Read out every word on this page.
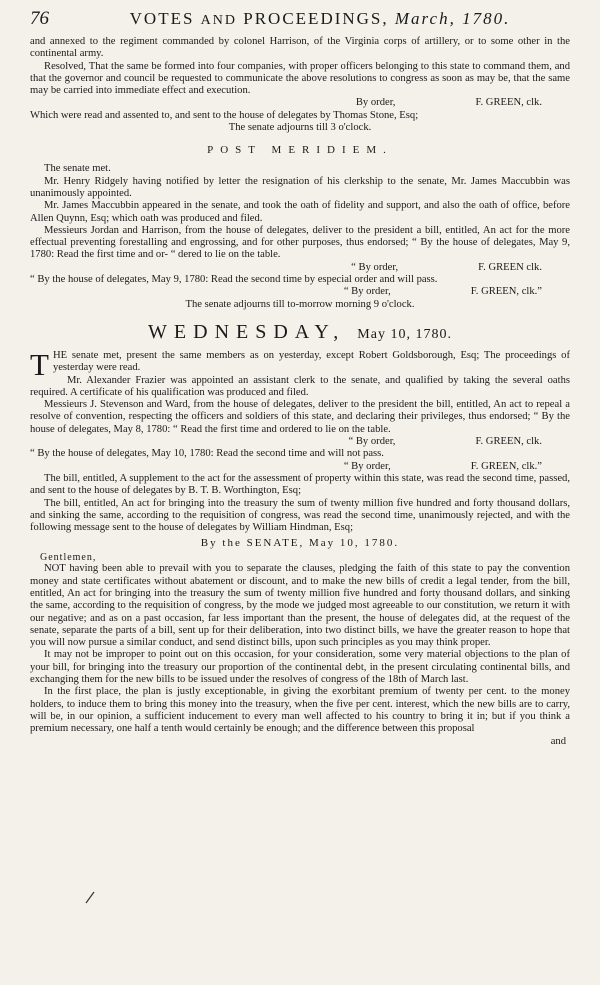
76	VOTES AND PROCEEDINGS, March, 1780.

and annexed to the regiment commanded by colonel Harrison, of the Virginia corps of artillery, or to some other in the continental army.

Resolved, That the same be formed into four companies, with proper officers belonging to this state to command them, and that the governor and council be requested to communicate the above resolutions to congress as soon as may be, that the same may be carried into immediate effect and execution.

By order,	F. GREEN, clk.

Which were read and assented to, and sent to the house of delegates by Thomas Stone, Esq;

The senate adjourns till 3 o'clock.
POST MERIDIEM.

The senate met.

Mr. Henry Ridgely having notified by letter the resignation of his clerkship to the senate, Mr. James Maccubbin was unanimously appointed.

Mr. James Maccubbin appeared in the senate, and took the oath of fidelity and support, and also the oath of office, before Allen Quynn, Esq; which oath was produced and filed.

Messieurs Jordan and Harrison, from the house of delegates, deliver to the president a bill, entitled, An act for the more effectual preventing forestalling and engrossing, and for other purposes, thus endorsed; “ By the house of delegates, May 9, 1780: Read the first time and or- “ dered to lie on the table.

“ By order,	F. GREEN clk.

“ By the house of delegates, May 9, 1780: Read the second time by especial order and will pass.

“ By order,	F. GREEN, clk.”
The senate adjourns till to-morrow morning 9 o'clock.
WEDNESDAY, May 10, 1780.

THE senate met, present the same members as on yesterday, except Robert Goldsborough, Esq; The proceedings of yesterday were read.

Mr. Alexander Frazier was appointed an assistant clerk to the senate, and qualified by taking the several oaths required. A certificate of his qualification was produced and filed.

Messieurs J. Stevenson and Ward, from the house of delegates, deliver to the president the bill, entitled, An act to repeal a resolve of convention, respecting the officers and soldiers of this state, and declaring their privileges, thus endorsed; “ By the house of delegates, May 8, 1780: “ Read the first time and ordered to lie on the table.

“ By order,	F. GREEN, clk.

“ By the house of delegates, May 10, 1780: Read the second time and will not pass.

“ By order,	F. GREEN, clk.”

The bill, entitled, A supplement to the act for the assessment of property within this state, was read the second time, passed, and sent to the house of delegates by B. T. B. Worthington, Esq;

The bill, entitled, An act for bringing into the treasury the sum of twenty million five hundred and forty thousand dollars, and sinking the same, according to the requisition of congress, was read the second time, unanimously rejected, and with the following message sent to the house of delegates by William Hindman, Esq;

By the SENATE, May 10, 1780.
Gentlemen,

NOT having been able to prevail with you to separate the clauses, pledging the faith of this state to pay the convention money and state certificates without abatement or discount, and to make the new bills of credit a legal tender, from the bill, entitled, An act for bringing into the treasury the sum of twenty million five hundred and forty thousand dollars, and sinking the same, according to the requisition of congress, by the mode we judged most agreeable to our constitution, we return it with our negative; and as on a past occasion, far less important than the present, the house of delegates did, at the request of the senate, separate the parts of a bill, sent up for their deliberation, into two distinct bills, we have the greater reason to hope that you will now pursue a similar conduct, and send distinct bills, upon such principles as you may think proper.

It may not be improper to point out on this occasion, for your consideration, some very material objections to the plan of your bill, for bringing into the treasury our proportion of the continental debt, in the present circulating continental bills, and exchanging them for the new bills to be issued under the resolves of congress of the 18th of March last.

In the first place, the plan is justly exceptionable, in giving the exorbitant premium of twenty per cent. to the money holders, to induce them to bring this money into the treasury, when the five per cent. interest, which the new bills are to carry, will be, in our opinion, a sufficient inducement to every man well affected to his country to bring it in; but if you think a premium necessary, one half a tenth would certainly be enough; and the difference between this proposal

and
